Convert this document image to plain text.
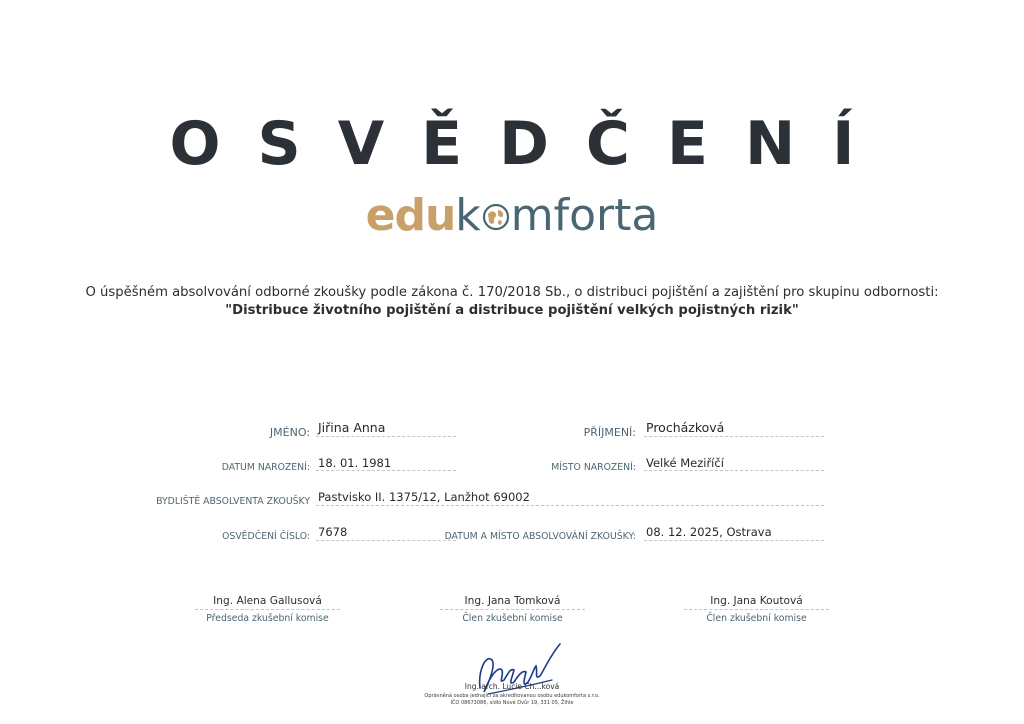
OSVĚDČENÍ
eduk mforta
O úspěšném absolvování odborné zkoušky podle zákona č. 170/2018 Sb., o distribuci pojištění a zajištění pro skupinu odbornosti:
"Distribuce životního pojištění a distribuce pojištění velkých pojistných rizik"
JMÉNO: Jiřina Anna	PŘÍJMENÍ: Procházková
DATUM NAROZENÍ: 18. 01. 1981	MÍSTO NAROZENÍ: Velké Meziříčí
BYDLIŠTĚ ABSOLVENTA ZKOUŠKY Pastvisko II. 1375/12, Lanžhot 69002
OSVĚDČENÍ ČÍSLO: 7678	DATUM A MÍSTO ABSOLVOVÁNÍ ZKOUŠKY: 08. 12. 2025, Ostrava
Ing. Alena Gallusová
Předseda zkušební komise
Ing. Jana Tomková
Člen zkušební komise
Ing. Jana Koutová
Člen zkušební komise
Ing. arch. Lucie Ch...ková
Oprávněná osoba jednající za akreditovanou osobu edukomforta s.r.o.
IČO 08673086, sídlo Nové Dvůr 19, 331 05, Žihle
